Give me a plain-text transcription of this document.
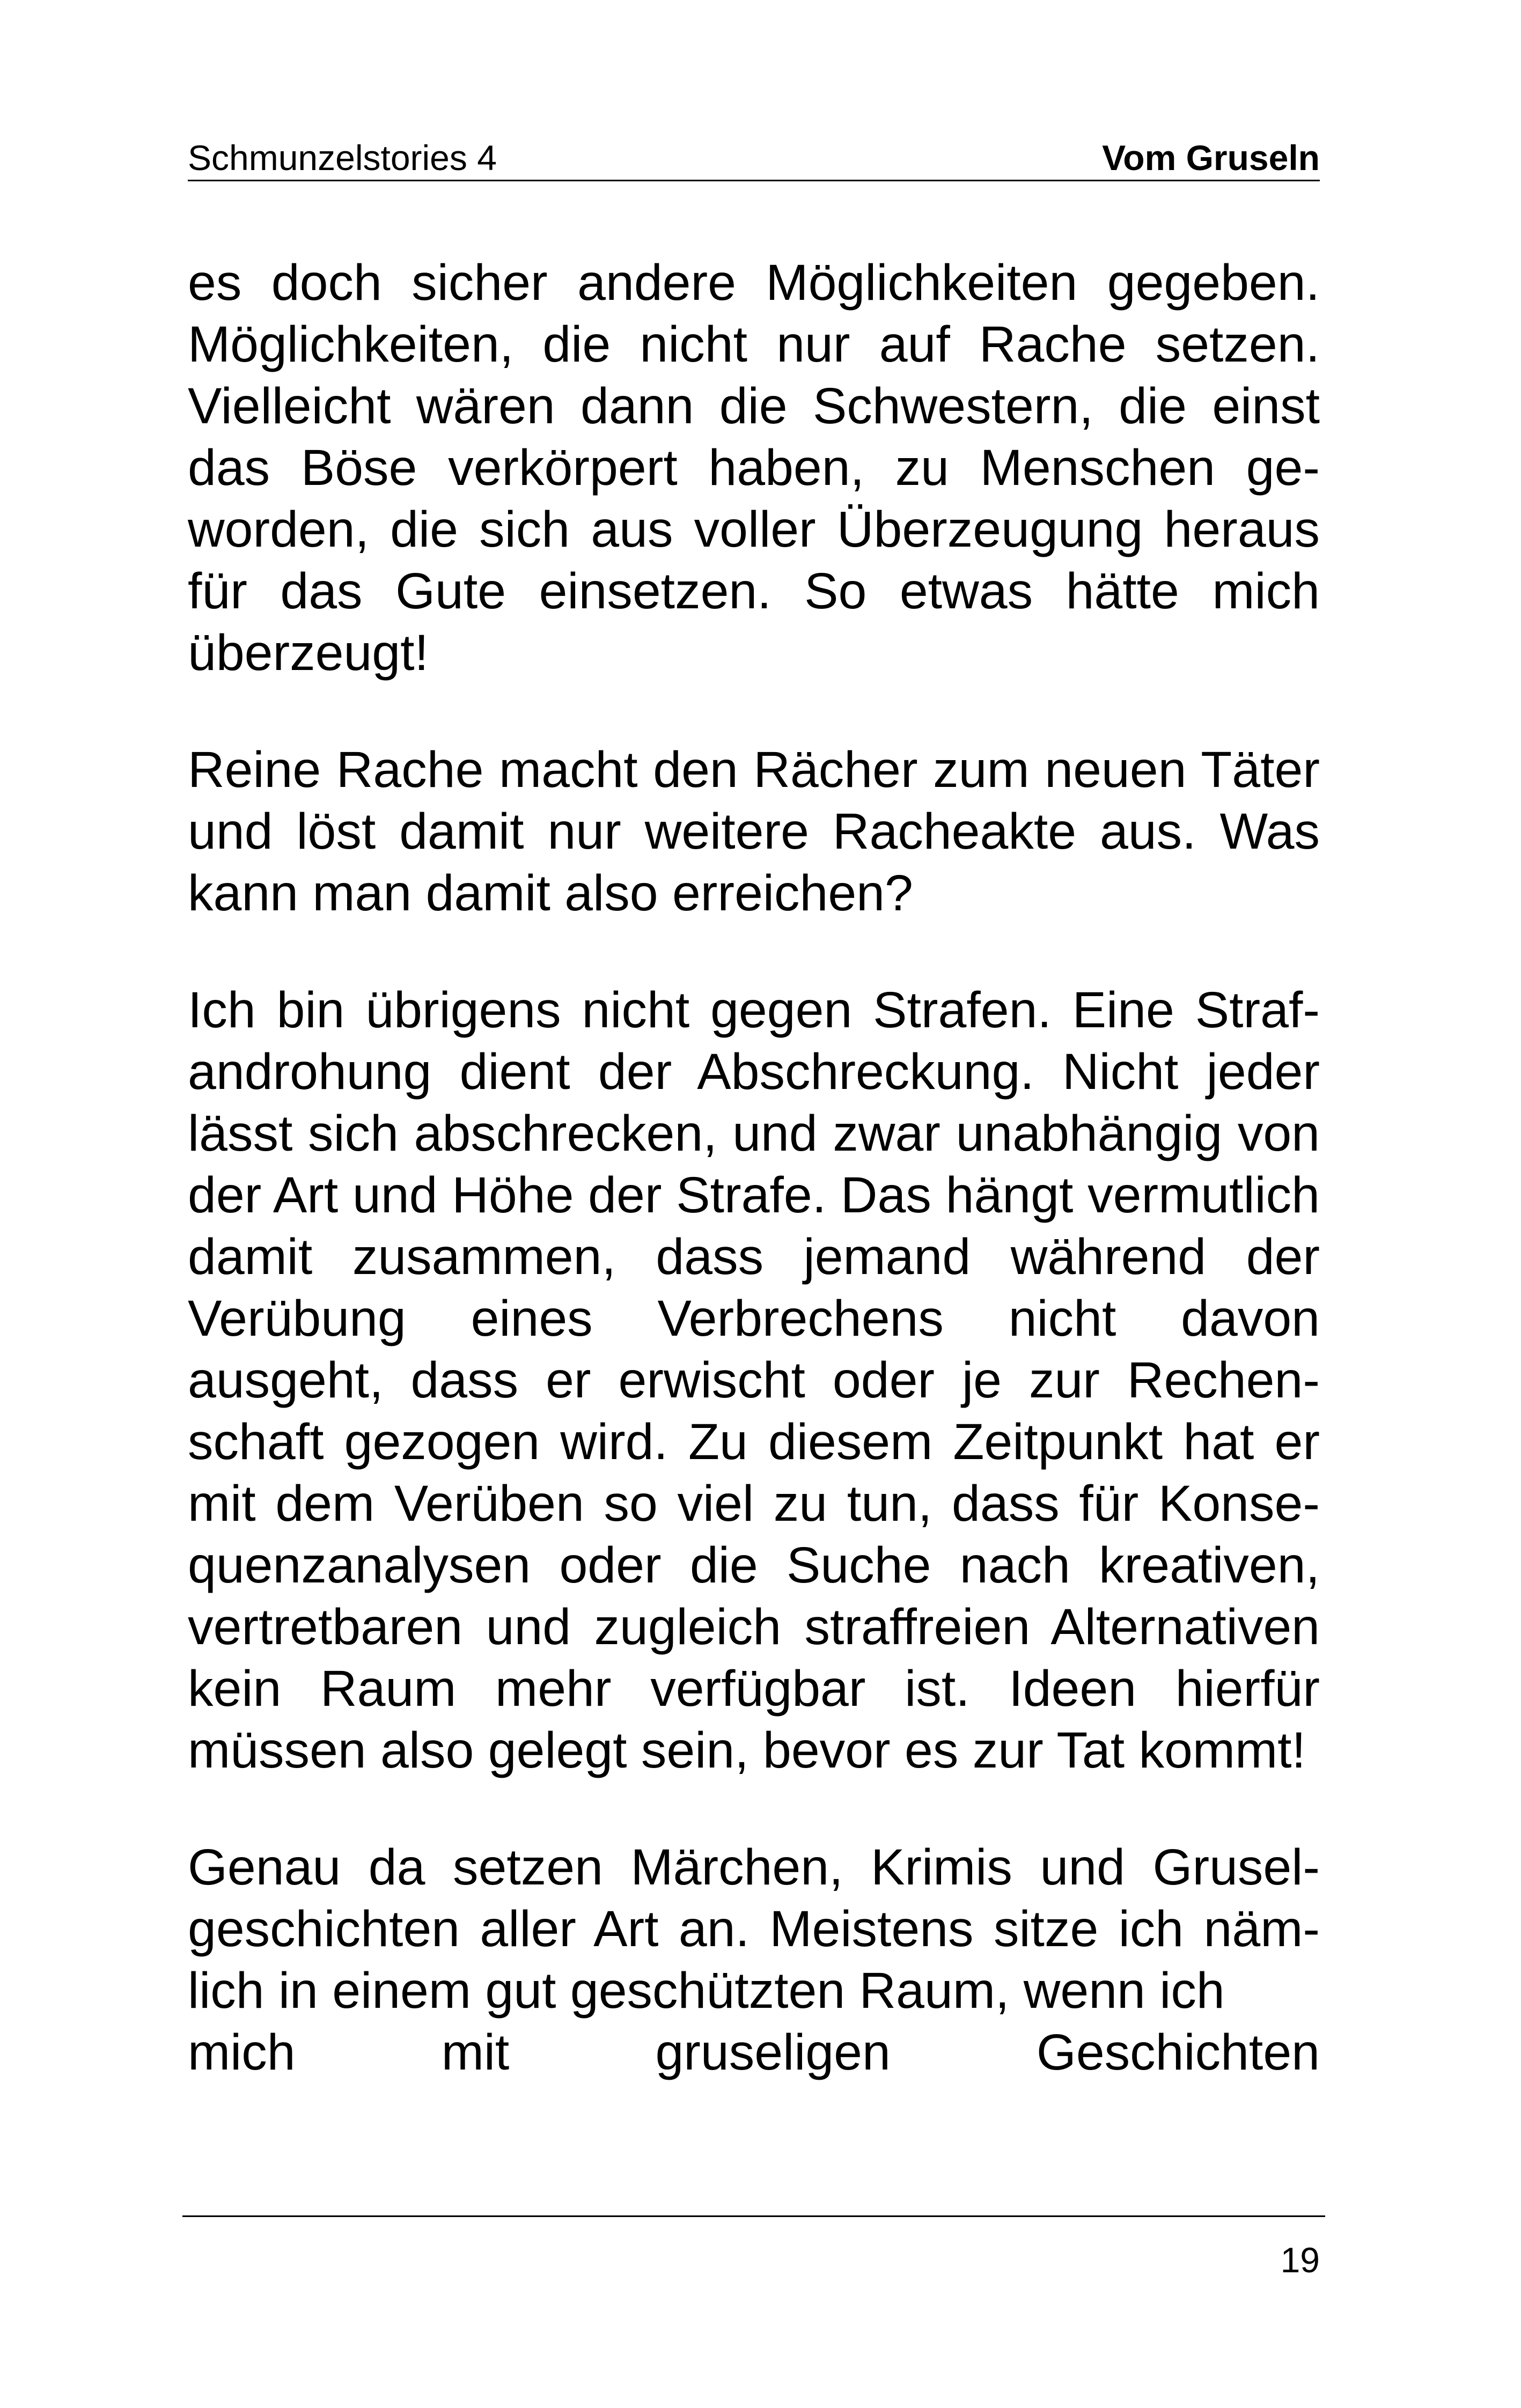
Schmunzelstories 4	Vom Gruseln

es doch sicher andere Möglichkeiten gegeben. Möglichkeiten, die nicht nur auf Rache setzen. Vielleicht wären dann die Schwestern, die einst das Böse verkörpert haben, zu Menschen geworden, die sich aus voller Überzeugung heraus für das Gute einsetzen. So etwas hätte mich überzeugt!

Reine Rache macht den Rächer zum neuen Täter und löst damit nur weitere Racheakte aus. Was kann man damit also erreichen?

Ich bin übrigens nicht gegen Strafen. Eine Strafandrohung dient der Abschreckung. Nicht jeder lässt sich abschrecken, und zwar unabhängig von der Art und Höhe der Strafe. Das hängt vermutlich damit zusammen, dass jemand während der Verübung eines Verbrechens nicht davon ausgeht, dass er erwischt oder je zur Rechenschaft gezogen wird. Zu diesem Zeitpunkt hat er mit dem Verüben so viel zu tun, dass für Konsequenzanalysen oder die Suche nach kreativen, vertretbaren und zugleich straffreien Alternativen kein Raum mehr verfügbar ist. Ideen hierfür müssen also gelegt sein, bevor es zur Tat kommt!

Genau da setzen Märchen, Krimis und Gruselgeschichten aller Art an. Meistens sitze ich nämlich in einem gut geschützten Raum, wenn ich
mich mit gruseligen Geschichten

19
